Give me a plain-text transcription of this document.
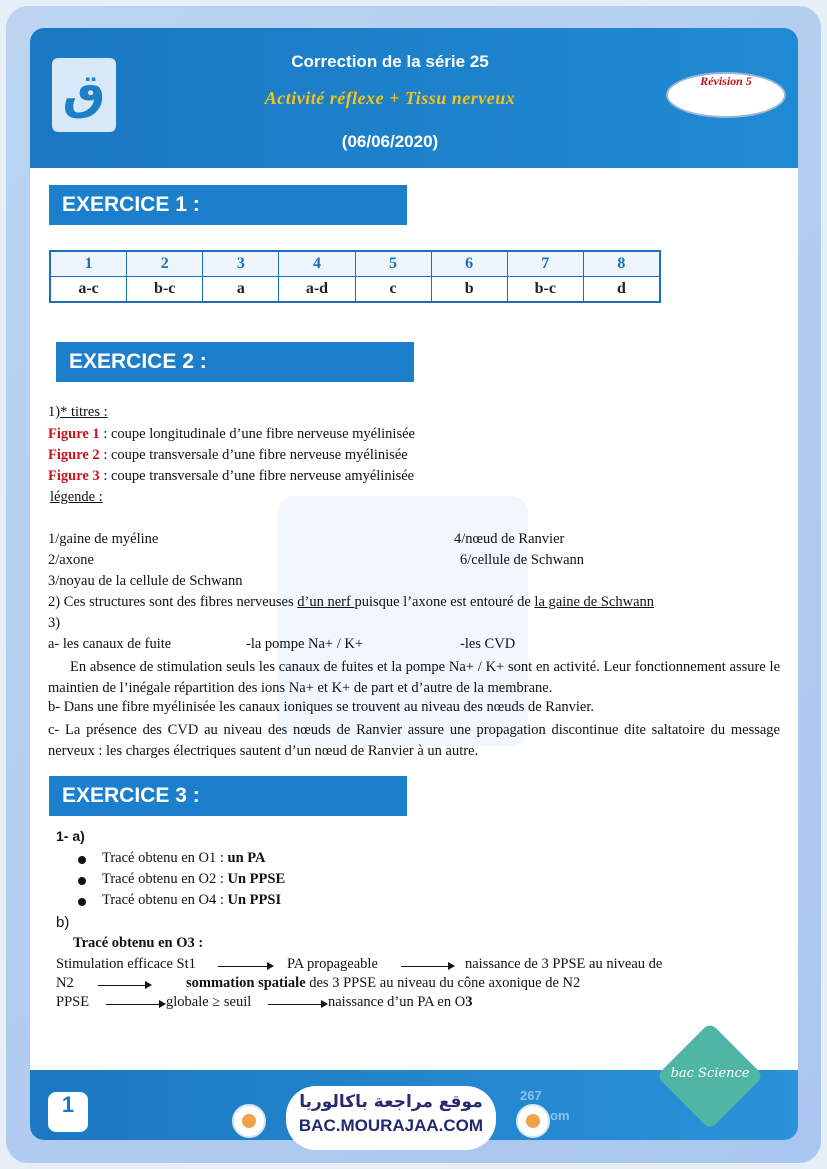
ق
Correction de la série 25
Activité réflexe + Tissu nerveux
(06/06/2020)
Révision 5
EXERCICE 1 :
1	2	3	4	5	6	7	8
a-c	b-c	a	a-d	c	b	b-c	d
EXERCICE 2 :
1)* titres :
Figure 1 : coupe longitudinale d’une fibre nerveuse myélinisée
Figure 2 : coupe transversale d’une fibre nerveuse myélinisée
Figure 3 : coupe transversale d’une fibre nerveuse amyélinisée
légende :
1/gaine de myéline	4/nœud de Ranvier
2/axone	6/cellule de Schwann
3/noyau de la cellule de Schwann
2) Ces structures sont des fibres nerveuses d’un nerf puisque l’axone est entouré de la gaine de Schwann
3)
a- les canaux de fuite	-la pompe Na+ / K+	-les CVD
En absence de stimulation seuls les canaux de fuites et la pompe Na+ / K+ sont en activité. Leur fonctionnement assure le maintien de l’inégale répartition des ions Na+ et K+ de part et d’autre de la membrane.
b- Dans une fibre myélinisée les canaux ioniques se trouvent au niveau des nœuds de Ranvier.
c- La présence des CVD au niveau des nœuds de Ranvier assure une propagation discontinue dite saltatoire du message nerveux : les charges électriques sautent d’un nœud de Ranvier à un autre.
EXERCICE 3 :
1- a)
Tracé obtenu en O1 : un PA
Tracé obtenu en O2 : Un PPSE
Tracé obtenu en O4 : Un PPSI
b)
Tracé obtenu en O3 :
Stimulation efficace St1	PA propageable	naissance de 3 PPSE au niveau de
N2	sommation spatiale des 3 PPSE au niveau du cône axonique de N2
PPSE	globale ≥ seuil	naissance d’un PA en O3
1	267
om
موقع مراجعة باكالوريا
BAC.MOURAJAA.COM
bac Science
